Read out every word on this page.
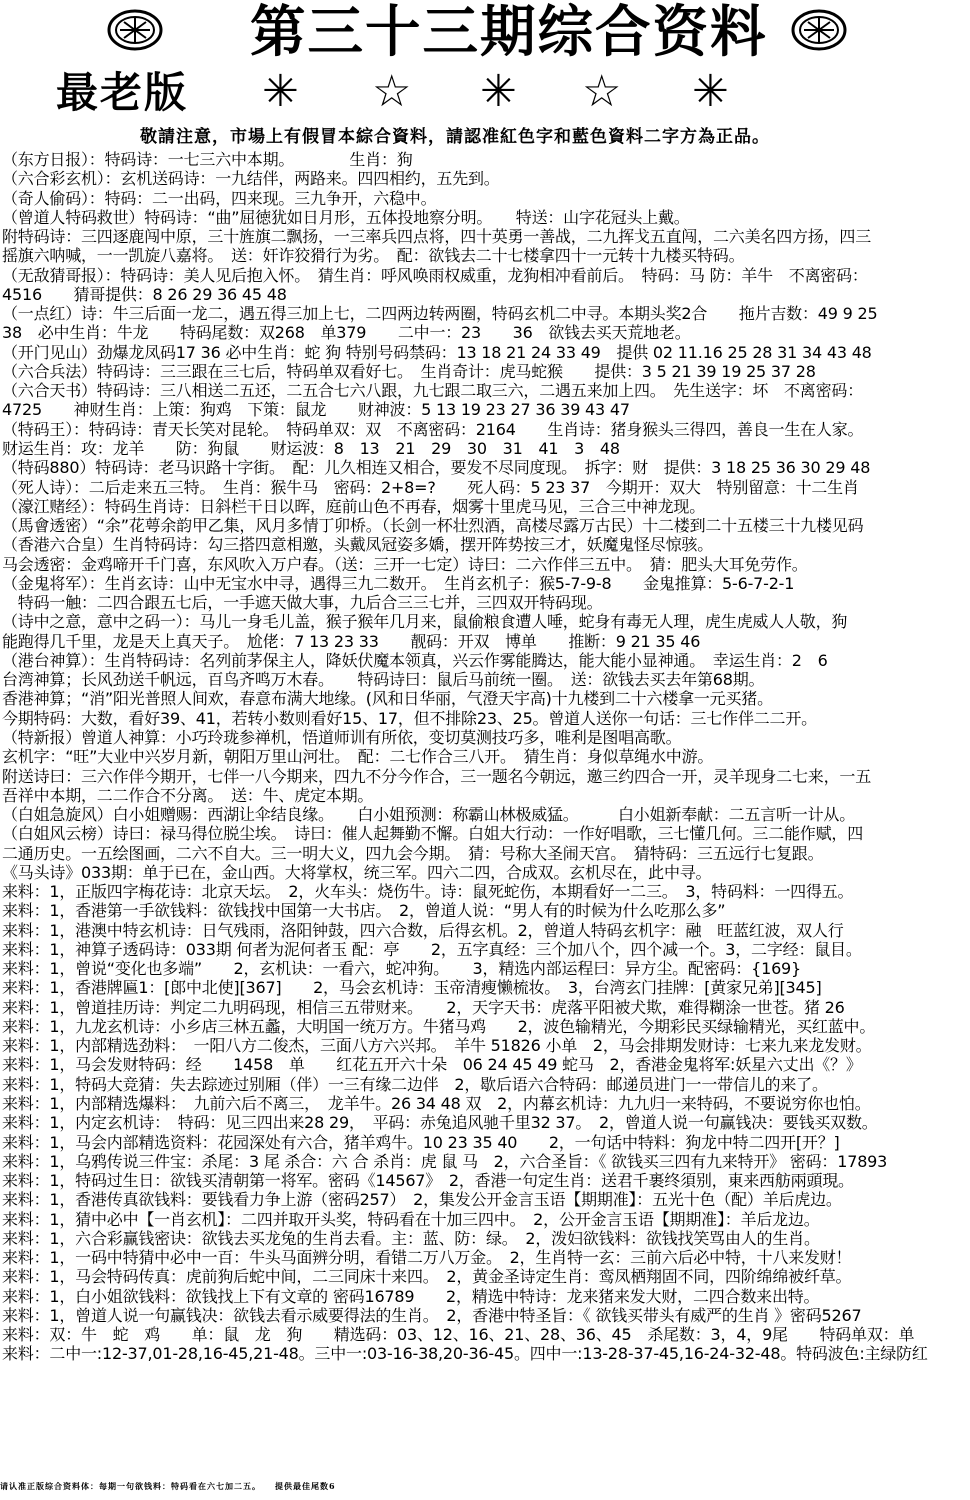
第三十三期综合资料
最老版 ✳ ☆ ✳ ☆ ✳
敬請注意，市場上有假冒本綜合資料，請認准紅色字和藍色資料二字方為正品。
（东方日报）：特码诗：一七三六中本期。　　　　生肖：狗
（六合彩玄机）：玄机送码诗：一九结伴，两路来。四四相约，五先到。
（奇人偷码）：特码：二一出码，四来现。三九争开，六稳中。
（曾道人特码救世）特码诗：“曲”屈徳犹如日月形，五体投地察分明。　　特送：山字花冠头上戴。
附特码诗：三四逐鹿闯中原，三十旌旗二飘扬，一三率兵四点将，四十英勇一善战，二九挥戈五直闯，二六美名四方扬，四三
摇旗六呐喊，一一凯旋八嘉将。　送：奸诈狡猾行为劣。　配：欲钱去二十七楼拿四十一元转十九楼买特码。
（无敌猜哥报）：特码诗：美人见后抱入怀。　猜生肖：呼风唤雨权威重，龙狗相冲看前后。　特码：马 防：羊牛　不离密码：
4516　　猜哥提供：8 26 29 36 45 48
（一点红）诗：牛三后面一龙二，遇五得三加上七，二四两边转两圈，特码玄机二中寻。本期头奖2合　　拖片吉数：49 9 25
38　必中生肖：牛龙　　特码尾数：双268　单379　　二中一：23　　36　欲钱去买天荒地老。
（开门见山）劲爆龙凤码17 36 必中生肖：蛇 狗 特别号码禁码：13 18 21 24 33 49　提供 02 11.16 25 28 31 34 43 48
（六合兵法）特码诗：三三跟在三七后，特码单双看好七。　生肖奇计：虎马蛇猴　　提供：3 5 21 39 19 25 37 28
（六合天书）特码诗：三八相送二五还，二五合七六八跟，九七跟二取三六，二遇五来加上四。　先生送字：坏　不离密码：
4725　　神财生肖：上策：狗鸡　下策：鼠龙　　财神波：5 13 19 23 27 36 39 43 47
（特码王）：特码诗：青天长笑对昆轮。　特码单双：双　不离密码：2164　　生肖诗：猪身猴头三得四，善良一生在人家。
财运生肖：攻：龙羊　　防：狗鼠　　财运波：8　13　21　29　30　31　41　3　48
（特码880）特码诗：老马识路十字街。　配：儿久相连又相合，要发不尽同度现。　拆字：财　提供：3 18 25 36 30 29 48
（死人诗）：二后走来五三特。　生肖：猴牛马　密码：2+8=?　　死人码：5 23 37　今期开：双大　特别留意：十二生肖
（濠江赌经）：特码生肖诗：日斜栏干日以晖，庭前山色不再春，烟雾十里虎马见，三合三中神龙现。
（馬會透密）“余”花萼余韵甲乙集，风月多情丁卯桥。（长剑一杯壮烈酒，高楼尽露万古民）十二楼到二十五楼三十九楼见码
（香港六合皇）生肖特码诗：勾三搭四意相邀，头戴凤冠姿多嬌，摆开阵势按三才，妖魔鬼怪尽惊骇。
马会透密：金鸡啼开千门喜，东风吹入万户春。（送：三开一七定）诗曰：二六作伴三五中。　猜：肥头大耳免劳作。
（金鬼将军）：生肖玄诗：山中无宝水中寻，遇得三九二数开。　生肖玄机子：猴5-7-9-8　　金鬼推算：5-6-7-2-1
　特码一触：二四合跟五七后，一手遮天做大事，九后合三三七并，三四双开特码现。
（诗中之意，意中之码一）：马儿一身毛儿盖，猴子猴年几月来，鼠偷粮食遭人唾，蛇身有毒无人理，虎生虎威人人敬，狗
能跑得几千里，龙是天上真天子。　尬佬：7 13 23 33　　靓码：开双　博单　　推断：9 21 35 46
（港台神算）：生肖特码诗：名列前茅保主人，降妖伏魔本领真，兴云作雾能腾达，能大能小显神通。　幸运生肖：2　6
台湾神算；长风劲送千帆远，百鸟齐鸣万木春。　　特码诗曰：鼠后马前统一圈。　送：欲钱去买去年第68期。
香港神算；“消”阳光普照人间欢，春意布满大地缘。(风和日华丽，气澄天宇高)十九楼到二十六楼拿一元买猪。
今期特码：大数，看好39、41，若转小数则看好15、17，但不排除23、25。曾道人送你一句话：三七作伴二二开。
（特新报）曾道人神算：小巧玲珑参禅机，悟道师训有所依，变切莫测技巧多，唯利是图唱高歌。
玄机字：“旺”大业中兴岁月新，朝阳万里山河壮。　配：二七作合三八开。　猜生肖：身似草绳水中游。
附送诗曰：三六作伴今期开，七伴一八今期来，四九不分今作合，三一题名今朝远，邀三约四合一开，灵羊现身二七来，一五
吾祥中本期，二二作合不分离。　送：牛、虎定本期。
（白姐急旋风）白小姐赠赐：西湖让伞结良缘。　　白小姐预测：称霸山林极威猛。　　　白小姐新奉献：二五言听一计从。
（白姐风云榜）诗曰：禄马得位脱尘埃。　诗曰：催人起舞勤不懈。白姐大行动：一作好唱歌，三七懂几何。三二能作赋，四
二通历史。一五绘图画，二六不自大。三一明大义，四九会今期。　猜：号称大圣闹天宫。　猜特码：三五远行七复跟。
《马头诗》033期：单于已在，金山西。大将掌权，统三军。四六二四，合成双。玄机尽在，此中寻。
来料：1，正版四字梅花诗：北京天坛。　2，火车头：烧伤牛。诗：鼠死蛇伤，本期看好一二三。　3，特码料：一四得五。
来料：1，香港第一手欲钱料：欲钱找中国第一大书店。　2，曾道人说：“男人有的时候为什么吃那么多”
来料：1，港澳中特玄机诗：日气残雨，洛阳钟鼓，四六合数，后得玄机。2，曾道人特码玄机字：融　旺蓝红波，双人行
来料：1，神算子透码诗：033期 何者为泥何者玉 配：亭　　2，五字真经：三个加八个，四个减一个。3，二字经：鼠目。
来料：1，曾说“变化也多端”　　2，玄机诀：一看六，蛇冲狗。　　3，精选内部运程曰：异方尘。配密码：{169}
来料：1，香港牌匾1：[郎中北使][367]　　2，马会玄机诗：玉帝清瘦懒梳妆。　3，台湾玄门挂牌：[黄家兄弟][345]
来料：1，曾道挂历诗：判定二九明码现，相信三五带财来。　　2，天字天书：虎落平阳被犬欺，难得糊涂一世苍。猪 26
来料：1，九龙玄机诗：小乡店三林五蠡，大明国一统万方。牛猪马鸡　　2，波色输精光，今期彩民买绿输精光，买红蓝中。
来料：1，内部精选劲料：　一阳八方二俊杰，三面八方六兴邦。　羊牛 51826 小单　2，马会排期发财诗：七来九来龙发财。
来料：1，马会发财特码：经　　1458　单　　红花五开六十朵　06 24 45 49 蛇马　2，香港金鬼将军:妖星六丈出《？》
来料：1，特码大竞猜：失去踪迹过别厢（伴）一三有缘二边伴　2，歇后语六合特码：邮递员进门一一带信儿的来了。
来料：1，内部精选爆料：　九前六后不离三，　龙羊牛。26 34 48 双　2，内幕玄机诗：九九归一来特码，不要说穷你也怕。
来料：1，内定玄机诗：　特码：见三四出来28 29，　平码：赤兔追风驰千里32 37。　2，曾道人说一句赢钱决：要钱买双数。
来料：1，马会内部精选资料：花园深处有六合，猪羊鸡牛。10 23 35 40　　2，一句话中特料：狗龙中特二四开[开？]
来料：1，乌鸦传说三件宝：杀尾：3 尾 杀合：六 合 杀肖：虎 鼠 马　2，六合圣旨：《 欲钱买三四有九来特开》 密码：17893
来料：1，特码过生日：欲钱买清朝第一将军。密码《14567》　2，香港一句定生肖：送君千裹终須别，東来西舫兩頭現。
来料：1，香港传真欲钱料：要钱看力争上游（密码257）　2，集发公开金言玉语【期期准】：五光十色（配）羊后虎边。
来料：1，猜中必中【一肖玄机】：二四并取开头奖，特码看在十加三四中。　2，公开金言玉语【期期准】：羊后龙边。
来料：1，六合彩赢钱密诀：欲钱去买龙兔的生肖去看。主：蓝、防：绿。　2，泼妇欲钱料：欲钱找笑骂由人的生肖。
来料：1，一码中特猜中必中一百：牛头马面辨分明，看错二万八万金。　2，生肖特一玄：三前六后必中特，十八来发财！
来料：1，马会特码传真：虎前狗后蛇中间，二三同床十来四。　2，黄金圣诗定生肖：鸾凤栖翔固不同，四阶绵绵被纤草。
来料：1，白小姐欲钱料：欲钱找上下有文章的 密码16789　　2，精选中特诗：龙来猪来发大财，二四合数来出特。
来料：1，曾道人说一句赢钱决：欲钱去看示威要得法的生肖。　2，香港中特圣旨：《 欲钱买带头有威严的生肖 》密码5267
来料：双：牛　蛇　鸡　　单：鼠　龙　狗　　精选码：03、12、16、21、28、36、45　杀尾数：3，4，9尾　　特码单双：单
来料：二中一:12-37,01-28,16-45,21-48。三中一:03-16-38,20-36-45。四中一:13-28-37-45,16-24-32-48。特码波色:主绿防红
请认准正版综合资料体：每期一句欲钱料：特码看在六七加二五。　　提供最佳尾数6
